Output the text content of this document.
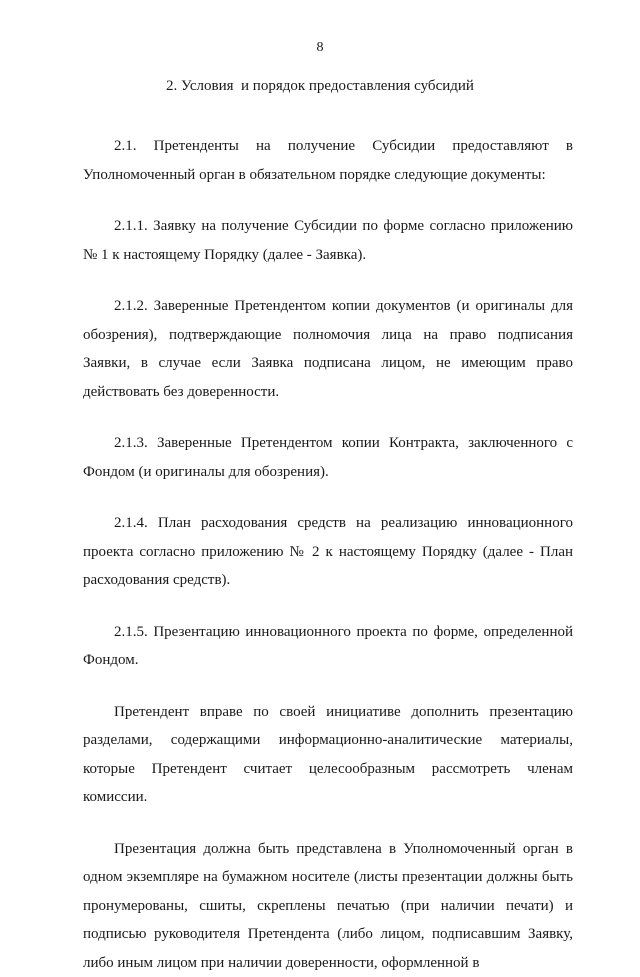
8
2. Условия  и порядок предоставления субсидий

2.1. Претенденты на получение Субсидии предоставляют в Уполномоченный орган в обязательном порядке следующие документы:

2.1.1. Заявку на получение Субсидии по форме согласно приложению № 1 к настоящему Порядку (далее - Заявка).

2.1.2. Заверенные Претендентом копии документов (и оригиналы для обозрения), подтверждающие полномочия лица на право подписания Заявки, в случае если Заявка подписана лицом, не имеющим право действовать без доверенности.

2.1.3. Заверенные Претендентом копии Контракта, заключенного с Фондом (и оригиналы для обозрения).

2.1.4. План расходования средств на реализацию инновационного проекта согласно приложению № 2 к настоящему Порядку (далее - План расходования средств).

2.1.5. Презентацию инновационного проекта по форме, определенной Фондом.

Претендент вправе по своей инициативе дополнить презентацию разделами, содержащими информационно-аналитические материалы, которые Претендент считает целесообразным рассмотреть членам комиссии.

Презентация должна быть представлена в Уполномоченный орган в одном экземпляре на бумажном носителе (листы презентации должны быть пронумерованы, сшиты, скреплены печатью (при наличии печати) и подписью руководителя Претендента (либо лицом, подписавшим Заявку, либо иным лицом при наличии доверенности, оформленной в
